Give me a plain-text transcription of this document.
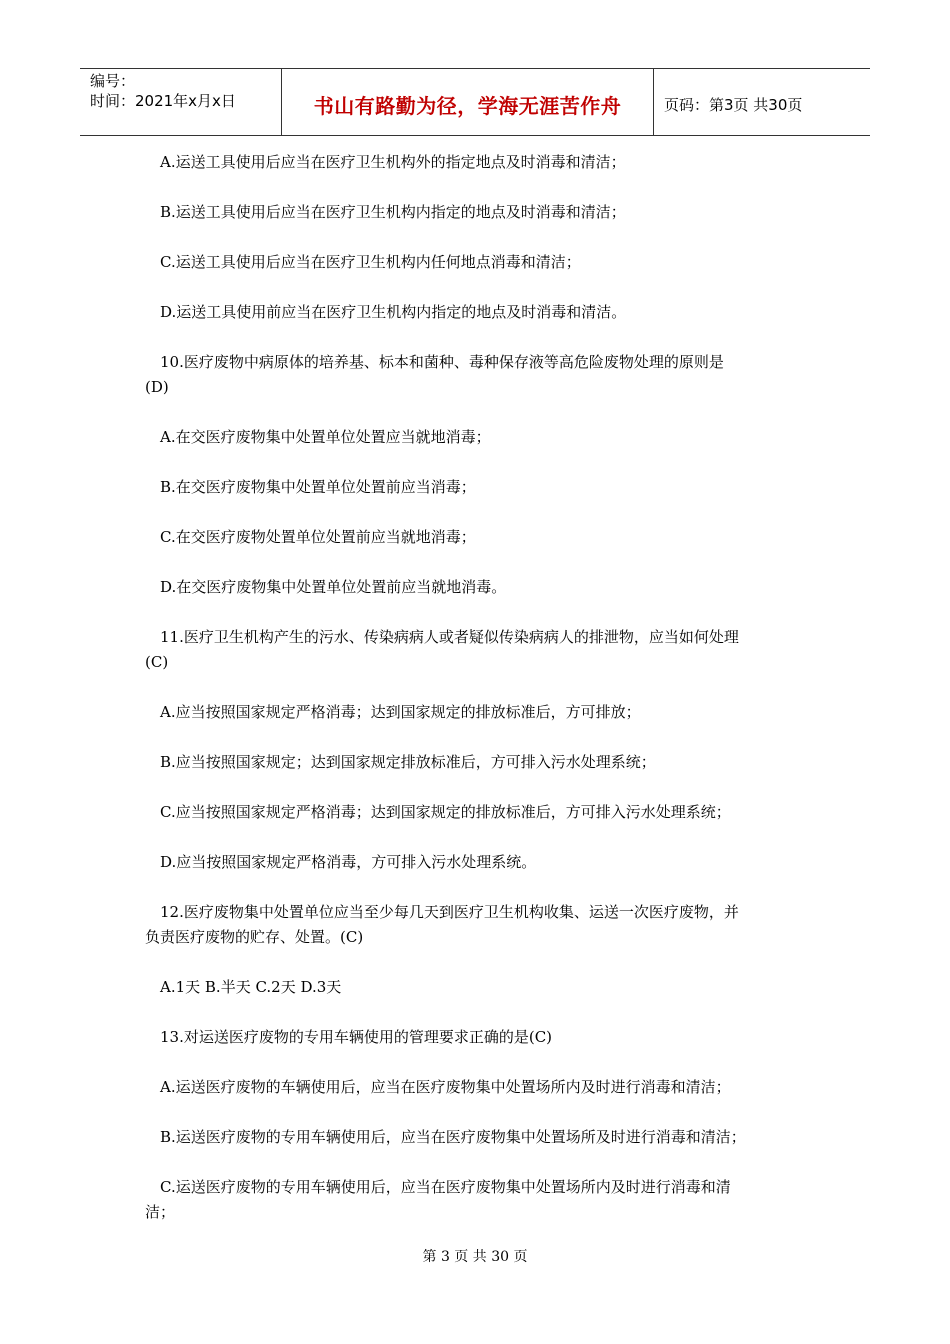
编号：
时间：2021年x月x日	书山有路勤为径，学海无涯苦作舟	页码：第3页 共30页

A.运送工具使用后应当在医疗卫生机构外的指定地点及时消毒和清洁；

B.运送工具使用后应当在医疗卫生机构内指定的地点及时消毒和清洁；

C.运送工具使用后应当在医疗卫生机构内任何地点消毒和清洁；

D.运送工具使用前应当在医疗卫生机构内指定的地点及时消毒和清洁。

10.医疗废物中病原体的培养基、标本和菌种、毒种保存液等高危险废物处理的原则是

(D)

A.在交医疗废物集中处置单位处置应当就地消毒；

B.在交医疗废物集中处置单位处置前应当消毒；

C.在交医疗废物处置单位处置前应当就地消毒；

D.在交医疗废物集中处置单位处置前应当就地消毒。

11.医疗卫生机构产生的污水、传染病病人或者疑似传染病病人的排泄物，应当如何处理

(C)

A.应当按照国家规定严格消毒；达到国家规定的排放标准后，方可排放；

B.应当按照国家规定；达到国家规定排放标准后，方可排入污水处理系统；

C.应当按照国家规定严格消毒；达到国家规定的排放标准后，方可排入污水处理系统；

D.应当按照国家规定严格消毒，方可排入污水处理系统。

12.医疗废物集中处置单位应当至少每几天到医疗卫生机构收集、运送一次医疗废物，并

负责医疗废物的贮存、处置。(C)

A.1天 B.半天 C.2天 D.3天

13.对运送医疗废物的专用车辆使用的管理要求正确的是(C)

A.运送医疗废物的车辆使用后，应当在医疗废物集中处置场所内及时进行消毒和清洁；

B.运送医疗废物的专用车辆使用后，应当在医疗废物集中处置场所及时进行消毒和清洁；

C.运送医疗废物的专用车辆使用后，应当在医疗废物集中处置场所内及时进行消毒和清

洁；

第 3 页 共 30 页
